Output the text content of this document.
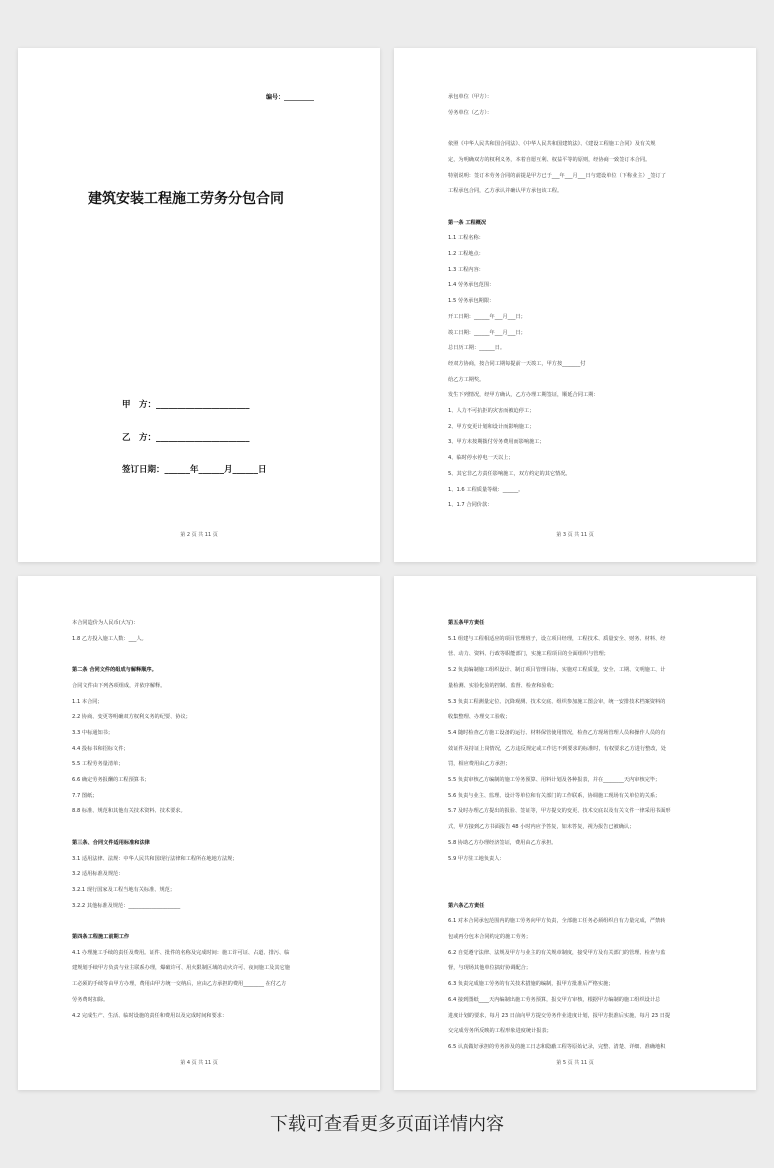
编号：__________
建筑安装工程施工劳务分包合同
甲　方：______________________
乙　方：______________________
签订日期：______年______月______日
第 2 页 共 11 页
承包单位（甲方）：
劳务单位（乙方）：

依照《中华人民共和国合同法》、《中华人民共和国建筑法》、《建设工程施工合同》及有关规
定，为明确双方的权利义务，本着自愿互利、权益平等的原则，经协商一致签订本合同。
特别说明：签订本劳务合同的前提是甲方已于___年___月___日与建设单位（下称业主）_签订了
工程承包合同，乙方承认并确认甲方承包该工程。

第一条 工程概况
1.1 工程名称：
1.2 工程地点：
1.3 工程内容：
1.4 劳务承包范围：
1.5 劳务承包期限：
开工日期：______年___月___日；
竣工日期：______年___月___日；
总日历工期：______日。
经双方协商，按合同工期每提前一天竣工，甲方按_______付
给乙方工期奖。
发生下列情况，经甲方确认，乙方办理工期签证，顺延合同工期：
1、人力不可抗拒的灾害而被迫停工；
2、甲方变更计划和设计而影响施工；
3、甲方未按期拨付劳务费用而影响施工；
4、临时停水停电一天以上；
5、其它非乙方责任影响施工，双方约定的其它情况。
1、1.6 工程质量等级：______。
1、1.7 合同价款：
第 3 页 共 11 页
本合同造价为人民币(大写)：
1.8 乙方投入施工人数：___人。

第二条 合同文件的组成与解释顺序。
合同文件由下列各项组成，并依序解释。
1.1 本合同；
2.2 协商、变更等明确双方权利义务的纪要、协议；
3.3 中标通知书；
4.4 投标书和招标文件；
5.5 工程劳务量清单；
6.6 确定劳务报酬的工程预算书；
7.7 图纸；
8.8 标准、规范和其他有关技术资料、技术要求。

第三条、合同文件适用标准和法律
3.1 适用法律、法规：中华人民共和国现行法律和工程所在地地方法规；
3.2 适用标准及规范：
3.2.1 现行国家及工程当地有关标准、规范；
3.2.2 其他标准及规范：____________________

第四条工程施工前期工作
4.1 办理施工手续的责任及费用。证件、批件的名称及完成时间：施工许可证、占道、排污、临
建规划手续甲方负责与业主联系办理，爆破许可、用火限制区域的动火许可、夜间施工及其它施
工必须的手续等由甲方办理，费用由甲方统一交纳后，应由乙方承担的费用________ 在付乙方
劳务费时扣除。
4.2 完成生产、生活、临时设施的责任和费用以及完成时间和要求：
第 4 页 共 11 页
第五条甲方责任
5.1 组建与工程相适应的项目管理班子，设立项目经理，工程技术、质量安全、财务、材料、经
营、动力、资料、行政等职能部门，实施工程项目的全面组织与管理；
5.2 负责编制施工组织设计、制订项目管理目标，实施对工程质量，安全、工期、文明施工、计
量检测、实验化验的控制、监督、检查和验收；
5.3 负责工程测量定位、沉降观测、技术交底、组织参加施工图会审，统一安排技术档案资料的
收集整理、办理交工验收；
5.4 随时检查乙方施工设备的运行、材料保管使用情况，检查乙方现场管理人员和操作人员的有
效证件及持证上岗情况，乙方违反规定或工作达不到要求的标准时，有权要求乙方进行整改，处
罚，相应费用由乙方承担；
5.5 负责审核乙方编制的施工劳务预算、用料计划及各种报表，并在________天内审核完毕；
5.6 负责与业主、监理、设计等单位和有关部门的工作联系，协调施工现场有关单位的关系；
5.7 及时办理乙方提出的报验、签证等，甲方提交的变更、技术交底以及有关文件一律采用书面形
式，甲方接到乙方书面报告 48 小时内应予答复，如未答复，视为报告已被确认；
5.8 协助乙方办理经济签证，费用由乙方承担。
5.9 甲方驻工地负责人：

第六条乙方责任
6.1 对本合同承包范围内的施工劳务向甲方负责，全部施工任务必须组织自有力量完成，严禁转
包或再分包本合同约定的施工劳务；
6.2 自觉遵守法律、法规及甲方与业主的有关规章制度，接受甲方及有关部门的管理、检查与监
督，与现场其他单位搞好协调配合；
6.3 负责完成施工劳务的有关技术措施的编制，报甲方批准后严格实施；
6.4 接到图纸____天内编制出施工劳务预算，报交甲方审核，根据甲方编制的施工组织设计总
进度计划的要求，每月 23 日前向甲方提交劳务作业进度计划，报甲方批准后实施，每月 23 日提
交完成劳务所反映的工程形象进度统计报表；
6.5 认真做好承担的劳务涉及的施工日志和隐蔽工程等原始记录，完整、清楚、详细、准确地积
第 5 页 共 11 页
下载可查看更多页面详情内容
